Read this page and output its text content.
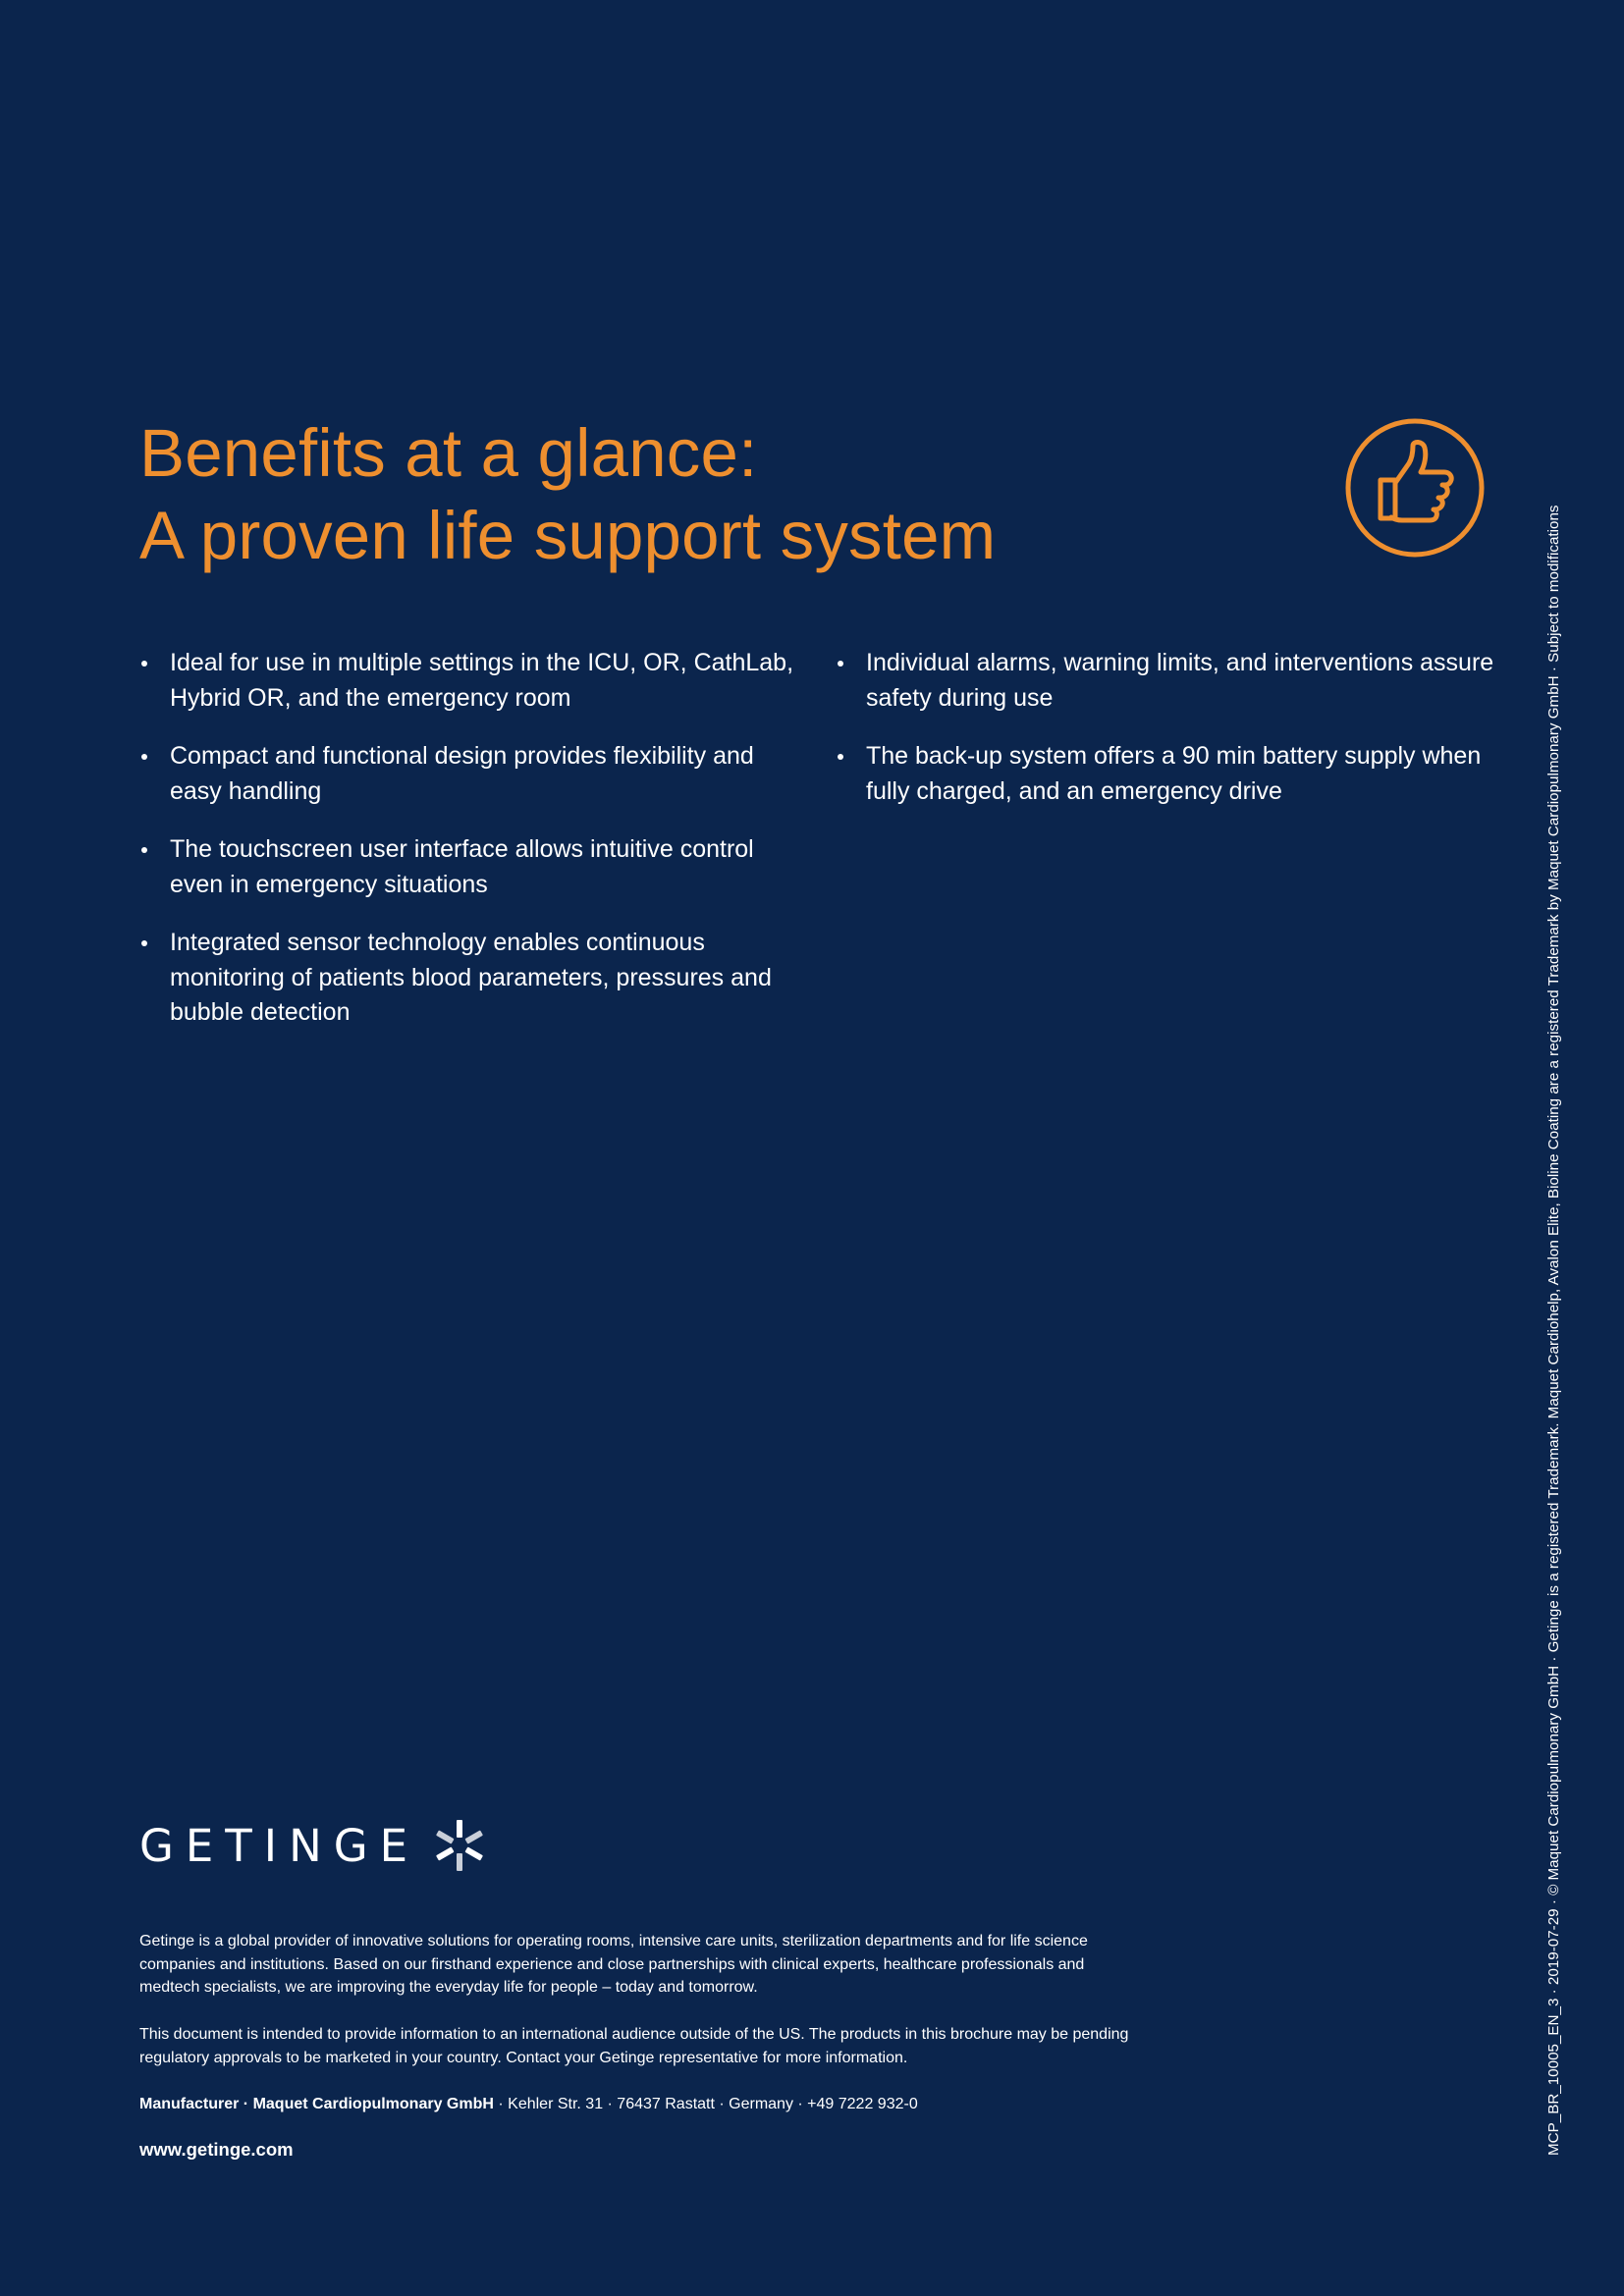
Benefits at a glance:
A proven life support system
Ideal for use in multiple settings in the ICU, OR, CathLab, Hybrid OR, and the emergency room
Compact and functional design provides flexibility and easy handling
The touchscreen user interface allows intuitive control even in emergency situations
Integrated sensor technology enables continuous monitoring of patients blood parameters, pressures and bubble detection
Individual alarms, warning limits, and interventions assure safety during use
The back-up system offers a 90 min battery supply when fully charged, and an emergency drive
GETINGE

Getinge is a global provider of innovative solutions for operating rooms, intensive care units, sterilization departments and for life science companies and institutions. Based on our firsthand experience and close partnerships with clinical experts, healthcare professionals and medtech specialists, we are improving the everyday life for people – today and tomorrow.

This document is intended to provide information to an international audience outside of the US. The products in this brochure may be pending regulatory approvals to be marketed in your country. Contact your Getinge representative for more information.

Manufacturer · Maquet Cardiopulmonary GmbH · Kehler Str. 31 · 76437 Rastatt · Germany · +49 7222 932-0

www.getinge.com	MCP_BR_10005_EN_3 · 2019-07-29 · © Maquet Cardiopulmonary GmbH · Getinge is a registered Trademark. Maquet Cardiohelp, Avalon Elite, Bioline Coating are a registered Trademark by Maquet Cardiopulmonary GmbH · Subject to modifications
